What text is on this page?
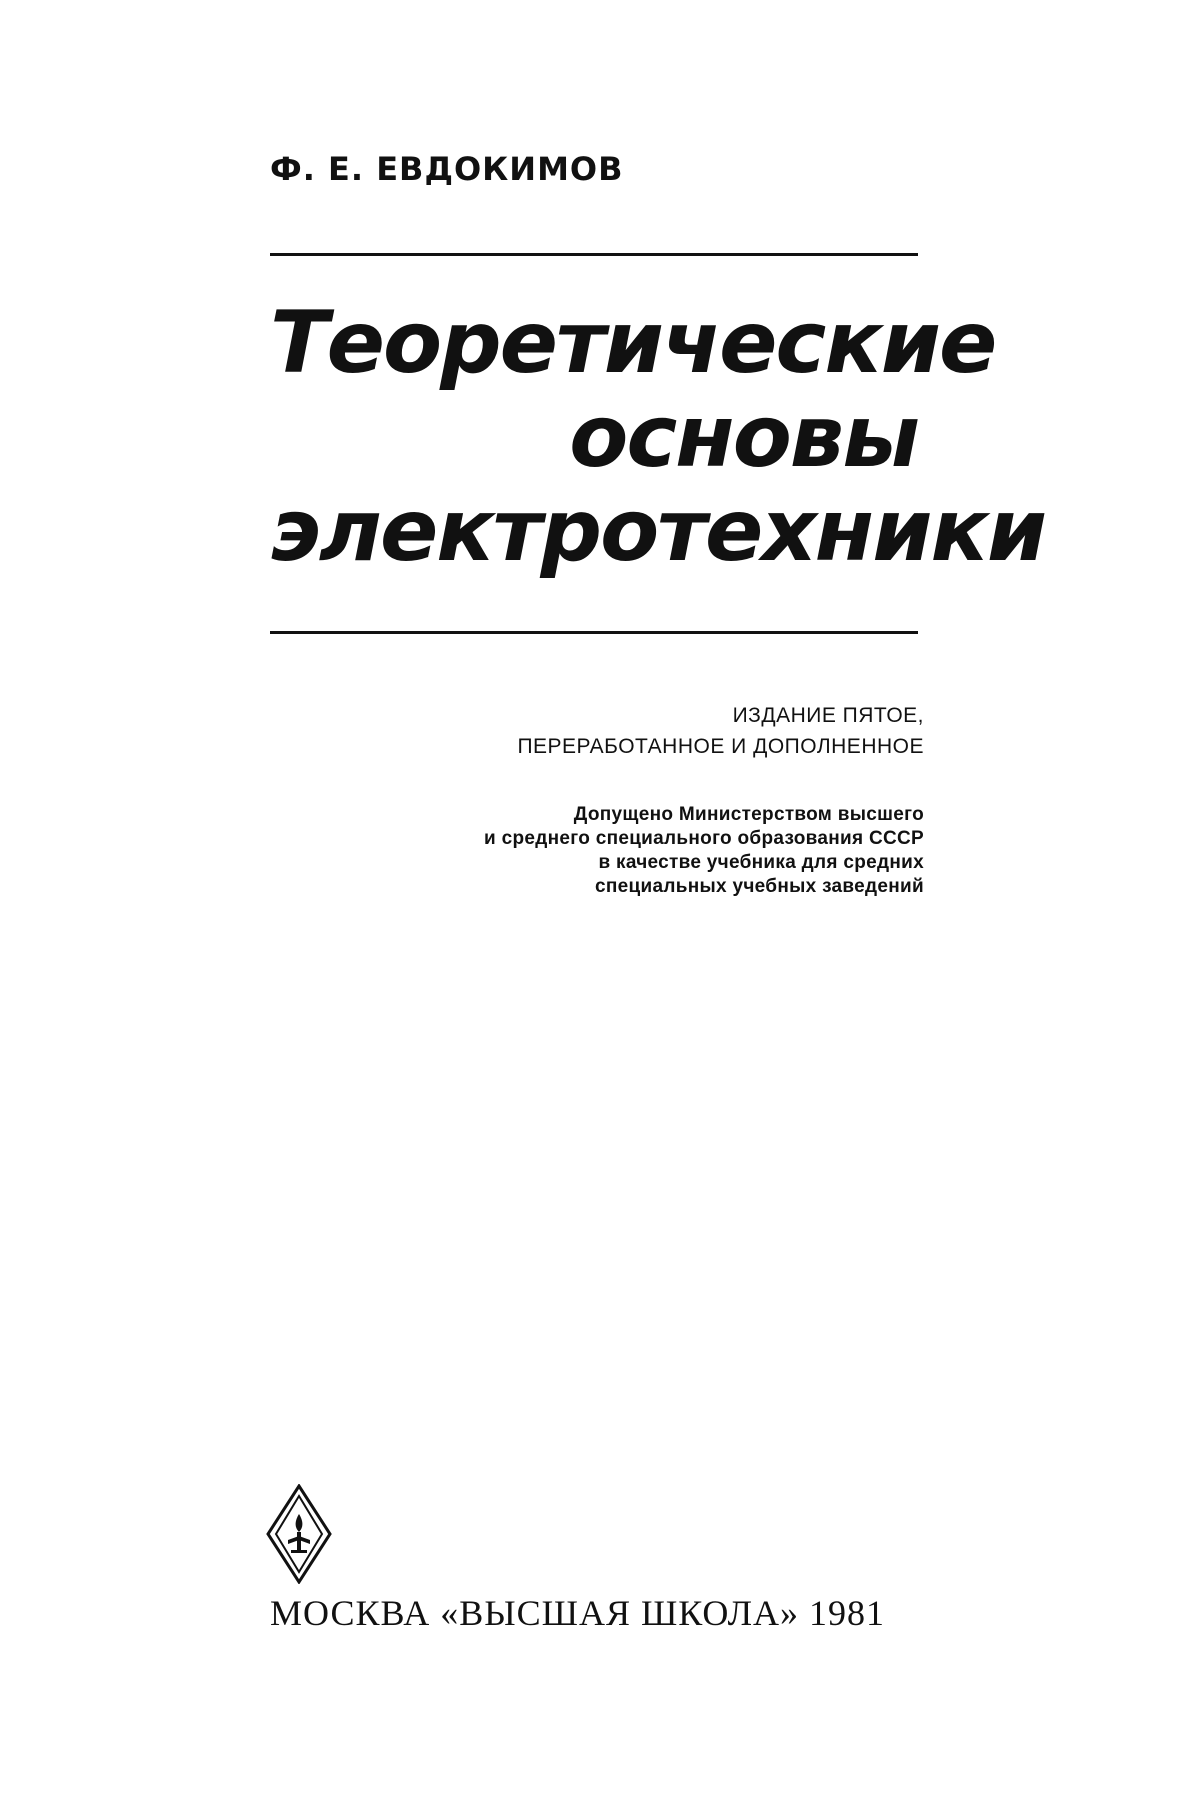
Ф. Е. ЕВДОКИМОВ
Теоретические
основы
электротехники
ИЗДАНИЕ ПЯТОЕ,
ПЕРЕРАБОТАННОЕ И ДОПОЛНЕННОЕ
Допущено Министерством высшего
и среднего специального образования СССР
в качестве учебника для средних
специальных учебных заведений
МОСКВА «ВЫСШАЯ ШКОЛА» 1981
